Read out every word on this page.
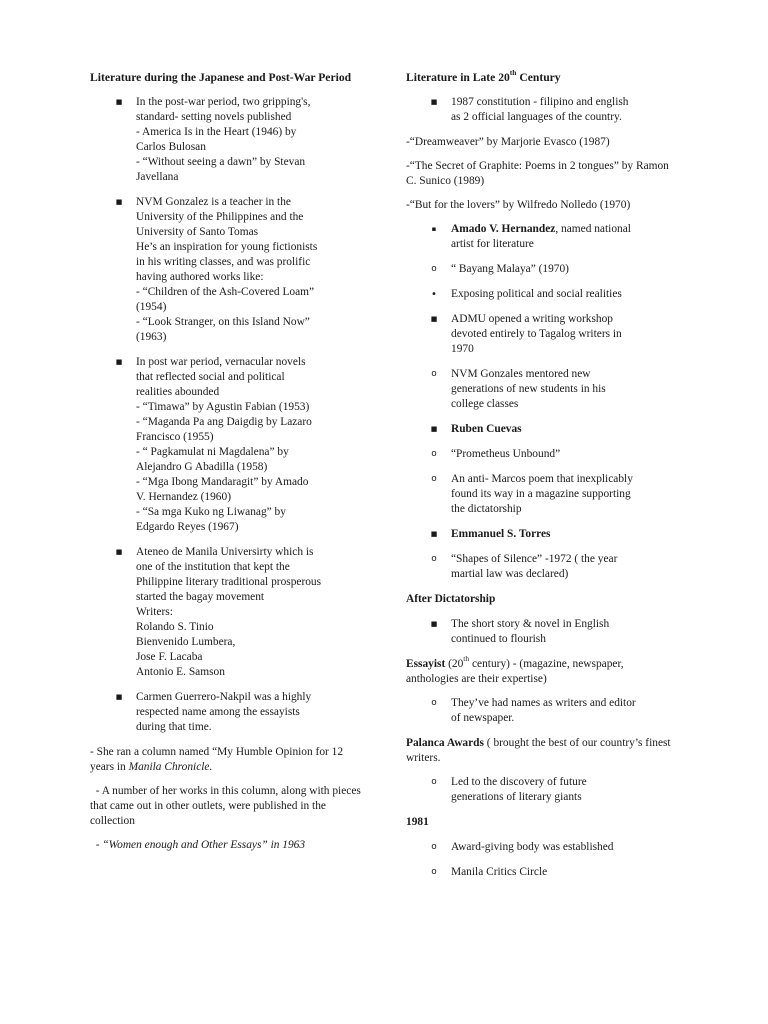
Literature during the Japanese and Post-War Period
■	In the post-war period, two gripping's,
standard- setting novels published
- America Is in the Heart (1946) by
Carlos Bulosan
- “Without seeing a dawn” by Stevan
Javellana
■	NVM Gonzalez is a teacher in the
University of the Philippines and the
University of Santo Tomas
He’s an inspiration for young fictionists
in his writing classes, and was prolific
having authored works like:
- “Children of the Ash-Covered Loam”
(1954)
- “Look Stranger, on this Island Now”
(1963)
■	In post war period, vernacular novels
that reflected social and political
realities abounded
- “Timawa” by Agustin Fabian (1953)
- “Maganda Pa ang Daigdig by Lazaro
Francisco (1955)
- “ Pagkamulat ni Magdalena” by
Alejandro G Abadilla (1958)
- “Mga Ibong Mandaragit” by Amado
V. Hernandez (1960)
- “Sa mga Kuko ng Liwanag” by
Edgardo Reyes (1967)
■	Ateneo de Manila Universirty which is
one of the institution that kept the
Philippine literary traditional prosperous
started the bagay movement
Writers:
Rolando S. Tinio
Bienvenido Lumbera,
Jose F. Lacaba
Antonio E. Samson
■	Carmen Guerrero-Nakpil was a highly
respected name among the essayists
during that time.
- She ran a column named “My Humble Opinion for 12 years in Manila Chronicle.
- A number of her works in this column, along with pieces that came out in other outlets, were published in the collection
- “Women enough and Other Essays” in 1963
Literature in Late 20th Century
■	1987 constitution - filipino and english
as 2 official languages of the country.
-“Dreamweaver” by Marjorie Evasco (1987)
-“The Secret of Graphite: Poems in 2 tongues” by Ramon C. Sunico (1989)
-“But for the lovers” by Wilfredo Nolledo (1970)
▪	Amado V. Hernandez, named national
artist for literature
o	“ Bayang Malaya” (1970)
•	Exposing political and social realities
■	ADMU opened a writing workshop
devoted entirely to Tagalog writers in
1970
o	NVM Gonzales mentored new
generations of new students in his
college classes
■	Ruben Cuevas
o	“Prometheus Unbound”
o	An anti- Marcos poem that inexplicably
found its way in a magazine supporting
the dictatorship
■	Emmanuel S. Torres
o	“Shapes of Silence” -1972 ( the year
martial law was declared)
After Dictatorship
■	The short story & novel in English
continued to flourish
Essayist (20th century) - (magazine, newspaper, anthologies are their expertise)
o	They’ve had names as writers and editor
of newspaper.
Palanca Awards ( brought the best of our country’s finest writers.
o	Led to the discovery of future
generations of literary giants
1981
o	Award-giving body was established
o	Manila Critics Circle
